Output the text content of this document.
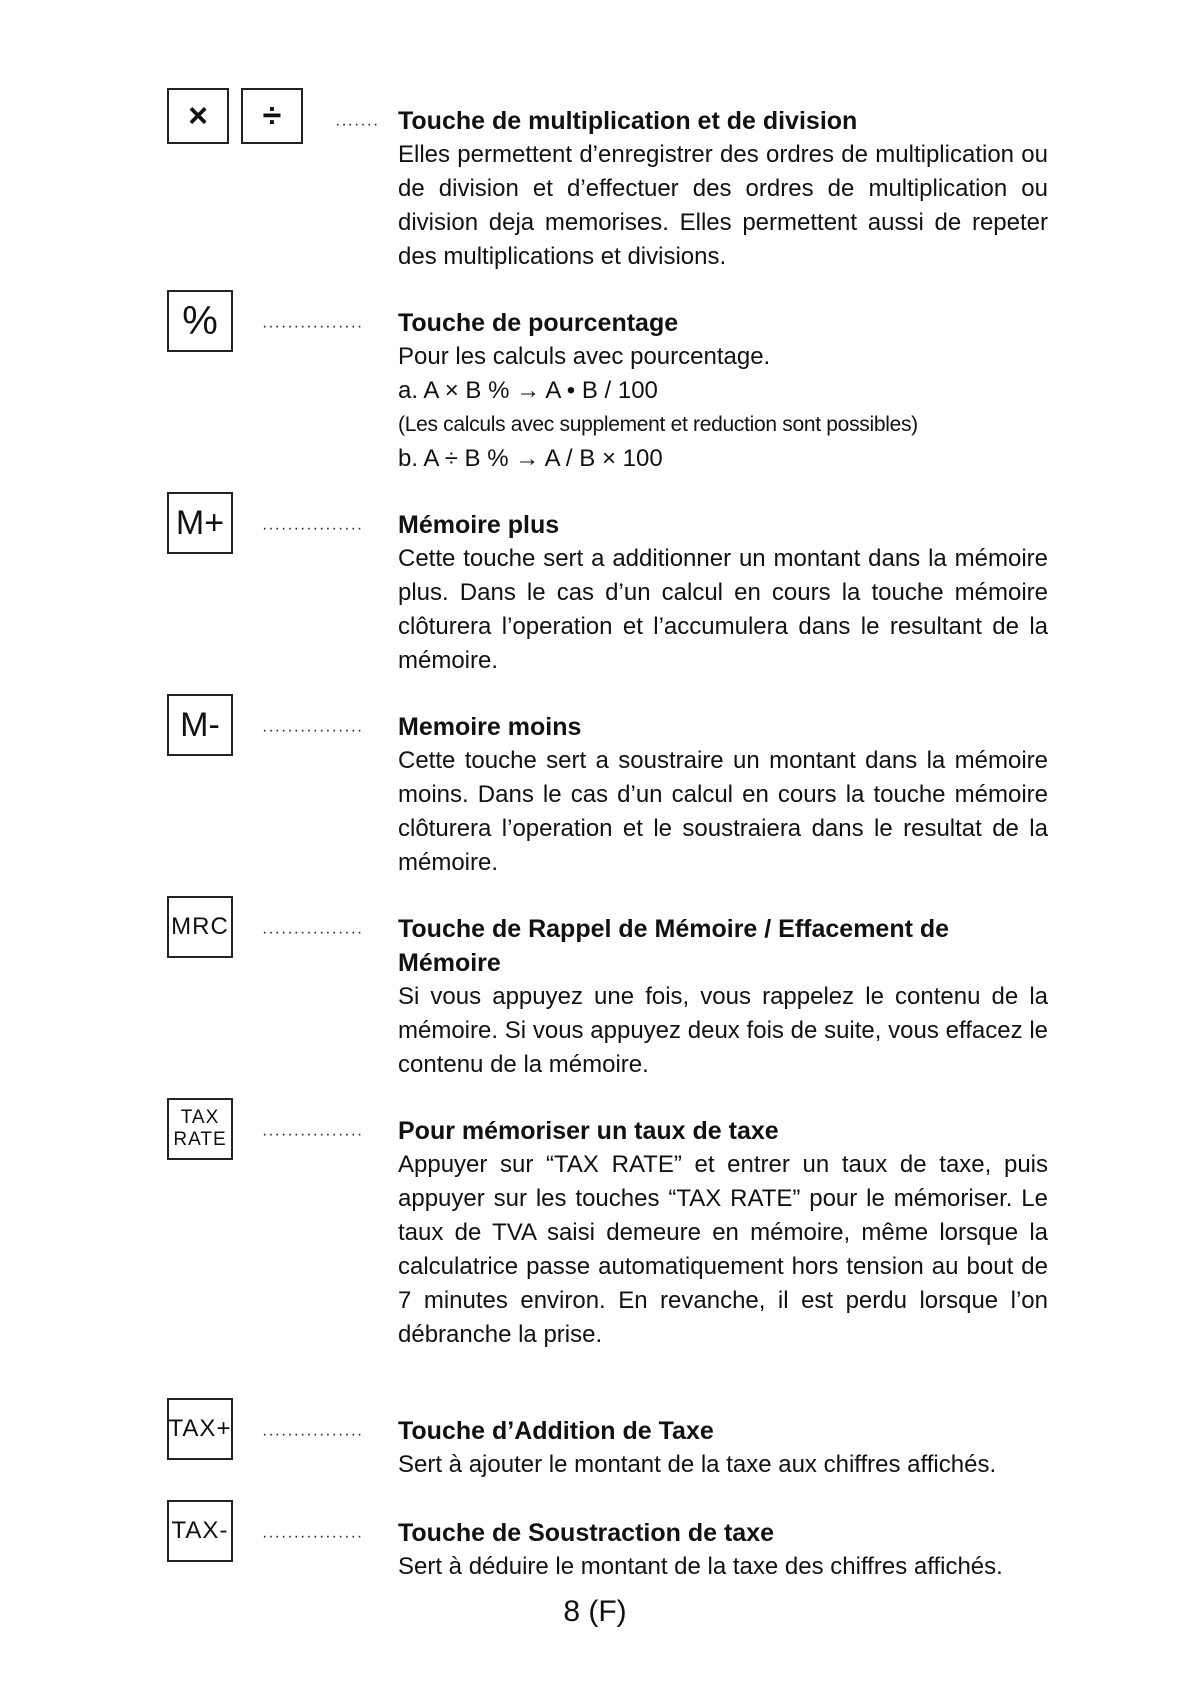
×	÷	······· Touche de multiplication et de division
Elles permettent d’enregistrer des ordres de multiplication ou de division et d’effectuer des ordres de multiplication ou division deja memorises. Elles permettent aussi de repeter des multiplications et divisions.
%	················ Touche de pourcentage
Pour les calculs avec pourcentage.
a. A × B % → A • B / 100
(Les calculs avec supplement et reduction sont possibles)
b. A ÷ B % → A / B × 100
M+	················ Mémoire plus
Cette touche sert a additionner un montant dans la mémoire plus. Dans le cas d’un calcul en cours la touche mémoire clôturera l’operation et l’accumulera dans le resultant de la mémoire.
M-	················ Memoire moins
Cette touche sert a soustraire un montant dans la mémoire moins. Dans le cas d’un calcul en cours la touche mémoire clôturera l’operation et le soustraiera dans le resultat de la mémoire.
MRC ················ Touche de Rappel de Mémoire / Effacement de Mémoire
Si vous appuyez une fois, vous rappelez le contenu de la mémoire. Si vous appuyez deux fois de suite, vous effacez le contenu de la mémoire.
TAX
RATE ················ Pour mémoriser un taux de taxe
Appuyer sur “TAX RATE” et entrer un taux de taxe, puis appuyer sur les touches “TAX RATE” pour le mémoriser. Le taux de TVA saisi demeure en mémoire, même lorsque la calculatrice passe automatiquement hors tension au bout de 7 minutes environ. En revanche, il est perdu lorsque l’on débranche la prise.
TAX+ ················ Touche d’Addition de Taxe
Sert à ajouter le montant de la taxe aux chiffres affichés.
TAX- ················ Touche de Soustraction de taxe
Sert à déduire le montant de la taxe des chiffres affichés.
8 (F)
